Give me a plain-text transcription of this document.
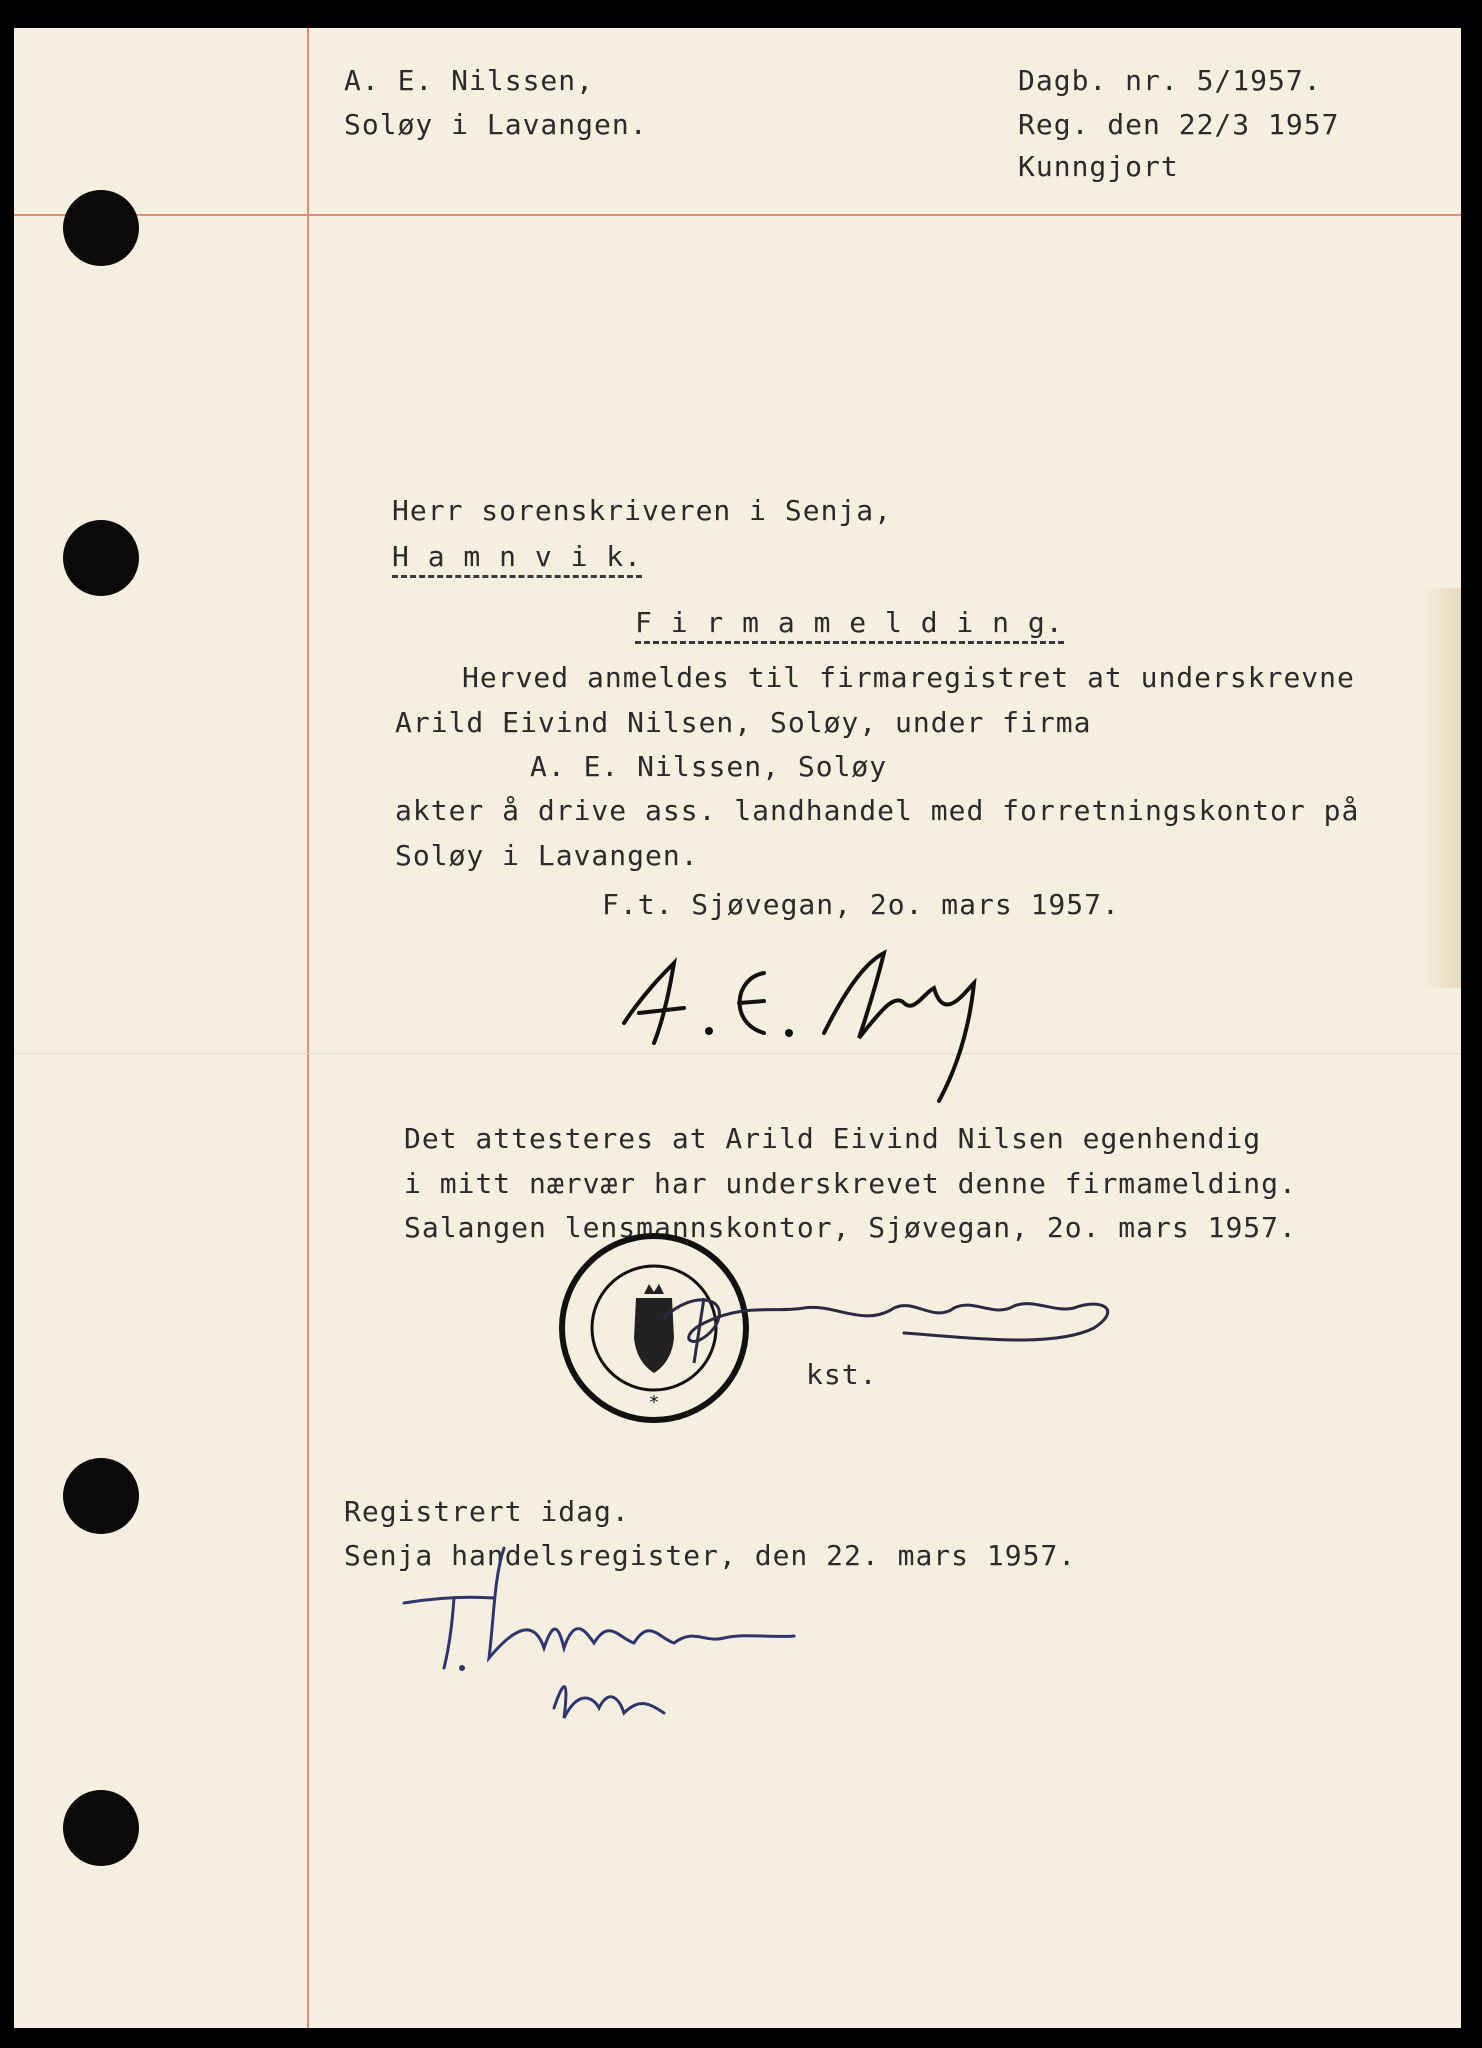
A. E. Nilssen,
Soløy i Lavangen.
Dagb. nr. 5/1957.
Reg. den 22/3 1957
Kunngjort
Herr sorenskriveren i Senja,
H a m n v i k.
F i r m a m e l d i n g.
Herved anmeldes til firmaregistret at underskrevne
Arild Eivind Nilsen, Soløy, under firma
A. E. Nilssen, Soløy
akter å drive ass. landhandel med forretningskontor på
Soløy i Lavangen.
F.t. Sjøvegan, 2o. mars 1957.
Det attesteres at Arild Eivind Nilsen egenhendig
i mitt nærvær har underskrevet denne firmamelding.
Salangen lensmannskontor, Sjøvegan, 2o. mars 1957.
*
kst.
Registrert idag.
Senja handelsregister, den 22. mars 1957.
